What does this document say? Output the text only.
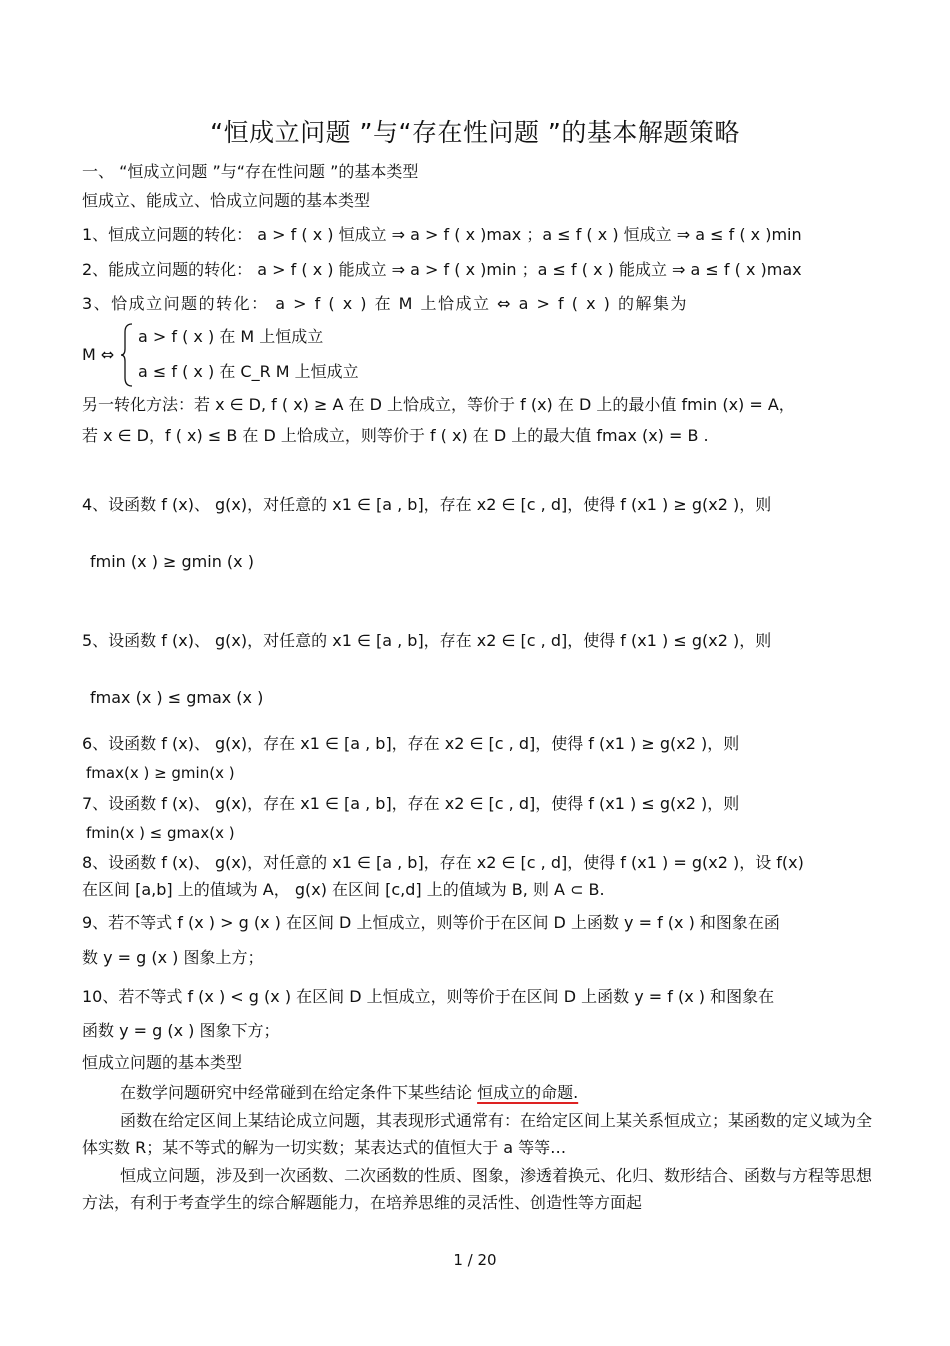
“恒成立问题 ”与“存在性问题 ”的基本解题策略
一、 “恒成立问题 ”与“存在性问题 ”的基本类型
恒成立、能成立、恰成立问题的基本类型
1、恒成立问题的转化： a > f ( x ) 恒成立 ⇒ a > f ( x )max ；a ≤ f ( x ) 恒成立 ⇒ a ≤ f ( x )min
2、能成立问题的转化： a > f ( x ) 能成立 ⇒ a > f ( x )min ；a ≤ f ( x ) 能成立 ⇒ a ≤ f ( x )max
3、恰成立问题的转化： a > f ( x ) 在 M 上恰成立 ⇔ a > f ( x ) 的解集为
M ⇔
a > f ( x ) 在 M 上恒成立
a ≤ f ( x ) 在 C_R M 上恒成立
另一转化方法：若 x ∈ D, f ( x) ≥ A 在 D 上恰成立，等价于 f (x) 在 D 上的最小值 fmin (x) = A，
若 x ∈ D，f ( x) ≤ B 在 D 上恰成立，则等价于 f ( x) 在 D 上的最大值 fmax (x) = B .
4、设函数 f (x)、 g(x)，对任意的 x1 ∈ [a , b]，存在 x2 ∈ [c , d]，使得 f (x1 ) ≥ g(x2 )，则
fmin (x ) ≥ gmin (x )
5、设函数 f (x)、 g(x)，对任意的 x1 ∈ [a , b]，存在 x2 ∈ [c , d]，使得 f (x1 ) ≤ g(x2 )，则
fmax (x ) ≤ gmax (x )
6、设函数 f (x)、 g(x)，存在 x1 ∈ [a , b]，存在 x2 ∈ [c , d]，使得 f (x1 ) ≥ g(x2 )，则
fmax(x ) ≥ gmin(x )
7、设函数 f (x)、 g(x)，存在 x1 ∈ [a , b]，存在 x2 ∈ [c , d]，使得 f (x1 ) ≤ g(x2 )，则
fmin(x ) ≤ gmax(x )
8、设函数 f (x)、 g(x)，对任意的 x1 ∈ [a , b]，存在 x2 ∈ [c , d]，使得 f (x1 ) = g(x2 )，设 f(x)
在区间 [a,b] 上的值域为 A， g(x) 在区间 [c,d] 上的值域为 B, 则 A ⊂ B.
9、若不等式 f (x ) > g (x ) 在区间 D 上恒成立，则等价于在区间 D 上函数 y = f (x ) 和图象在函
数 y = g (x ) 图象上方；
10、若不等式 f (x ) < g (x ) 在区间 D 上恒成立，则等价于在区间 D 上函数 y = f (x ) 和图象在
函数 y = g (x ) 图象下方；
恒成立问题的基本类型
在数学问题研究中经常碰到在给定条件下某些结论 恒成立的命题.
函数在给定区间上某结论成立问题，其表现形式通常有：在给定区间上某关系恒成立；某函数的定义域为全体实数 R；某不等式的解为一切实数；某表达式的值恒大于 a 等等…
恒成立问题，涉及到一次函数、二次函数的性质、图象，渗透着换元、化归、数形结合、函数与方程等思想方法，有利于考查学生的综合解题能力，在培养思维的灵活性、创造性等方面起
1 / 20
